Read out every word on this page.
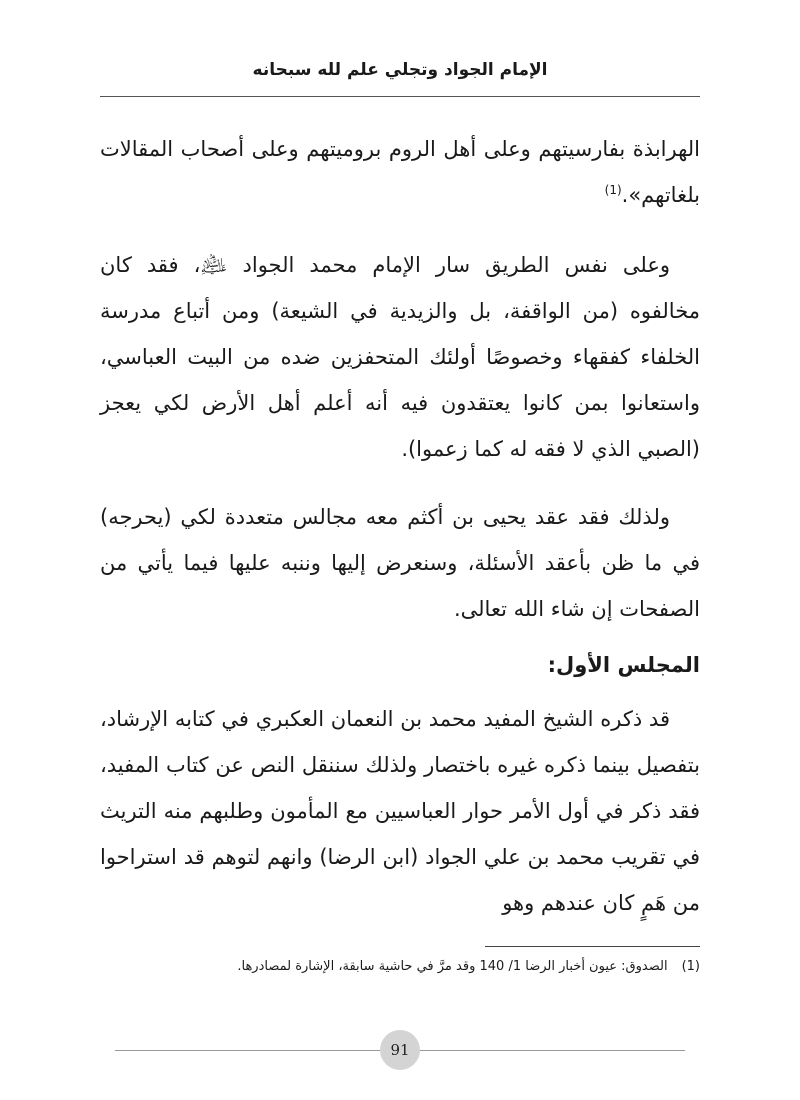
الإمام الجواد وتجلي علم لله سبحانه

الهرابذة بفارسيتهم وعلى أهل الروم بروميتهم وعلى أصحاب المقالات بلغاتهم».$^{(1)}$

وعلى نفس الطريق سار الإمام محمد الجواد ﵇، فقد كان مخالفوه (من الواقفة، بل والزيدية في الشيعة) ومن أتباع مدرسة الخلفاء كفقهاء وخصوصًا أولئك المتحفزين ضده من البيت العباسي، واستعانوا بمن كانوا يعتقدون فيه أنه أعلم أهل الأرض لكي يعجز (الصبي الذي لا فقه له كما زعموا).

ولذلك فقد عقد يحيى بن أكثم معه مجالس متعددة لكي (يحرجه) في ما ظن بأعقد الأسئلة، وسنعرض إليها وننبه عليها فيما يأتي من الصفحات إن شاء الله تعالى.

المجلس الأول:

قد ذكره الشيخ المفيد محمد بن النعمان العكبري في كتابه الإرشاد، بتفصيل بينما ذكره غيره باختصار ولذلك سننقل النص عن كتاب المفيد، فقد ذكر في أول الأمر حوار العباسيين مع المأمون وطلبهم منه التريث في تقريب محمد بن علي الجواد (ابن الرضا) وانهم لتوهم قد استراحوا من هَمٍ كان عندهم وهو

(1)الصدوق: عيون أخبار الرضا 1/ 140 وقد مرَّ في حاشية سابقة، الإشارة لمصادرها.
91
